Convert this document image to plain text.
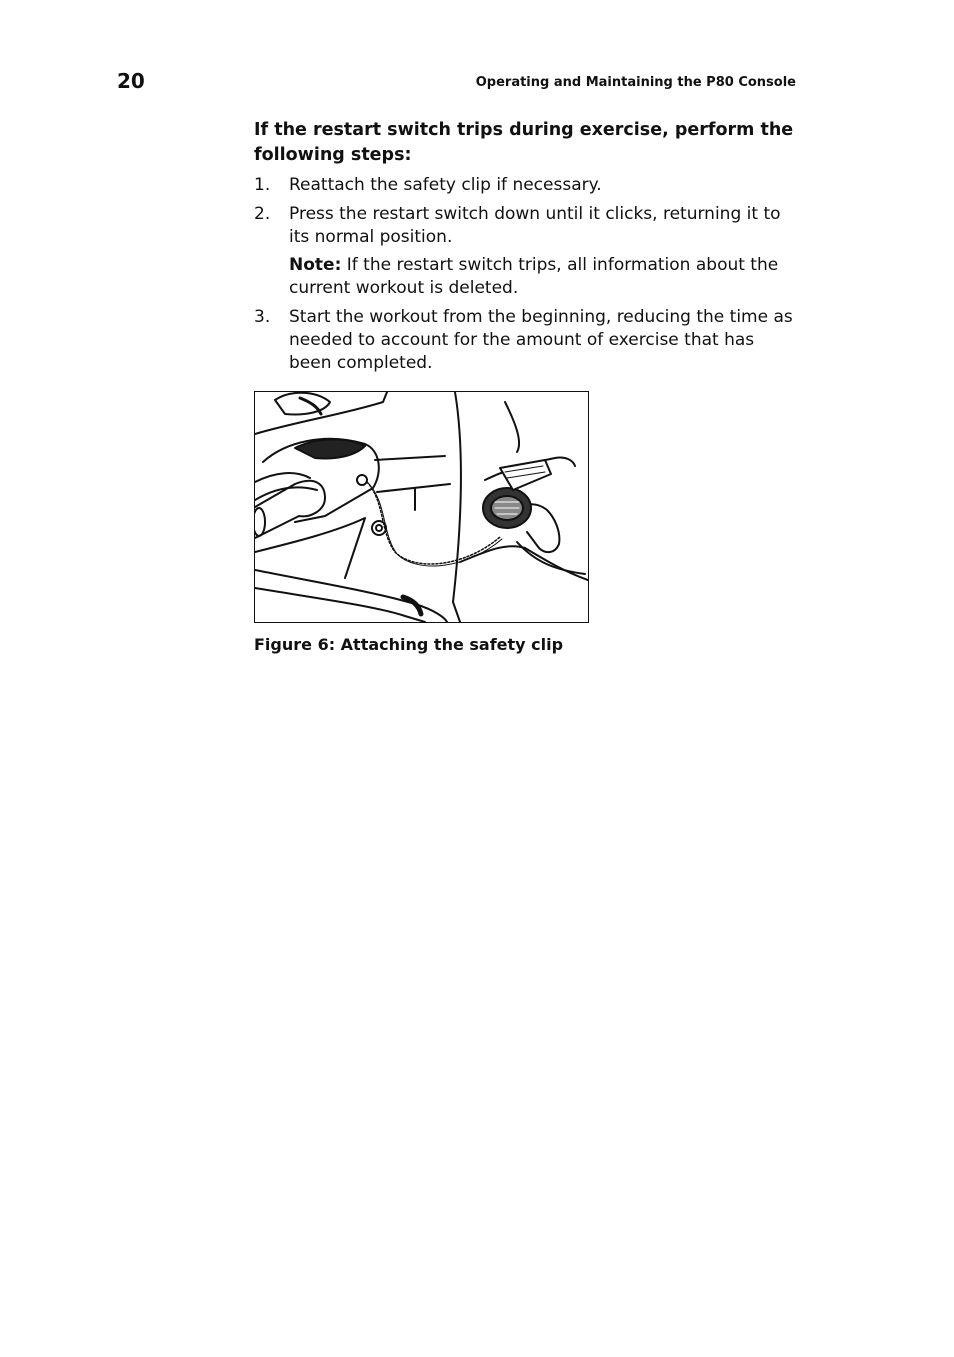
20	Operating and Maintaining the P80 Console
If the restart switch trips during exercise, perform the following steps:
1. Reattach the safety clip if necessary.
2. Press the restart switch down until it clicks, returning it to its normal position.
Note: If the restart switch trips, all information about the current workout is deleted.
3. Start the workout from the beginning, reducing the time as needed to account for the amount of exercise that has been completed.
Figure 6: Attaching the safety clip
